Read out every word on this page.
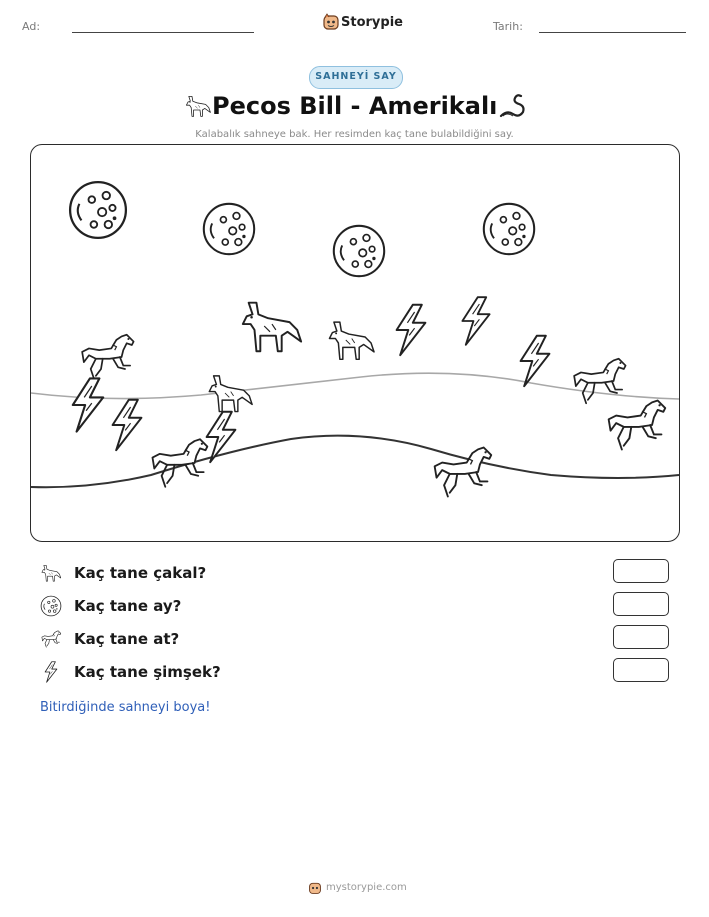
Ad:	Storypie	Tarih:
SAHNEYİ SAY
Pecos Bill - Amerikalı
Kalabalık sahneye bak. Her resimden kaç tane bulabildiğini say.
Kaç tane çakal?
Kaç tane ay?
Kaç tane at?
Kaç tane şimşek?
Bitirdiğinde sahneyi boya!
mystorypie.com
